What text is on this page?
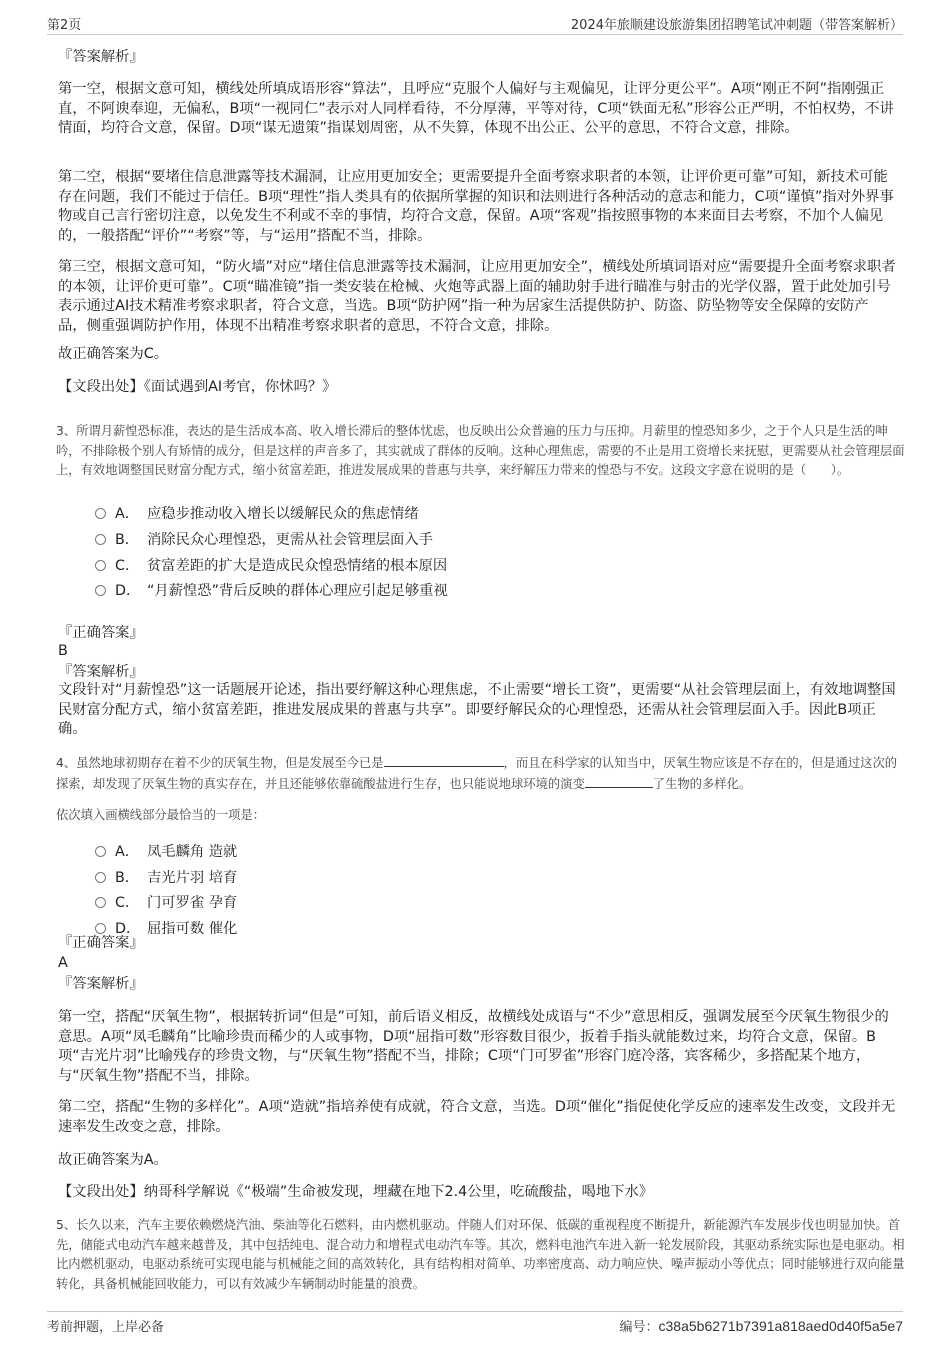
第2页	2024年旅顺建设旅游集团招聘笔试冲刺题（带答案解析）
『答案解析』

第一空，根据文意可知，横线处所填成语形容“算法”，且呼应“克服个人偏好与主观偏见，让评分更公平”。A项“刚正不阿”指刚强正直，不阿谀奉迎，无偏私，B项“一视同仁”表示对人同样看待，不分厚薄，平等对待，C项“铁面无私”形容公正严明，不怕权势，不讲情面，均符合文意，保留。D项“谋无遗策”指谋划周密，从不失算，体现不出公正、公平的意思，不符合文意，排除。

第二空，根据“要堵住信息泄露等技术漏洞，让应用更加安全；更需要提升全面考察求职者的本领，让评价更可靠”可知，新技术可能存在问题，我们不能过于信任。B项“理性”指人类具有的依据所掌握的知识和法则进行各种活动的意志和能力，C项“谨慎”指对外界事物或自己言行密切注意，以免发生不利或不幸的事情，均符合文意，保留。A项“客观”指按照事物的本来面目去考察，不加个人偏见的，一般搭配“评价”“考察”等，与“运用”搭配不当，排除。

第三空，根据文意可知，“防火墙”对应“堵住信息泄露等技术漏洞，让应用更加安全”，横线处所填词语对应“需要提升全面考察求职者的本领，让评价更可靠”。C项“瞄准镜”指一类安装在枪械、火炮等武器上面的辅助射手进行瞄准与射击的光学仪器，置于此处加引号表示通过AI技术精准考察求职者，符合文意，当选。B项“防护网”指一种为居家生活提供防护、防盗、防坠物等安全保障的安防产品，侧重强调防护作用，体现不出精准考察求职者的意思，不符合文意，排除。

故正确答案为C。
【文段出处】《面试遇到AI考官，你怵吗？》

3、所谓月薪惶恐标准，表达的是生活成本高、收入增长滞后的整体忧虑，也反映出公众普遍的压力与压抑。月薪里的惶恐知多少，之于个人只是生活的呻吟，不排除极个别人有矫情的成分，但是这样的声音多了，其实就成了群体的反响。这种心理焦虑，需要的不止是用工资增长来抚慰，更需要从社会管理层面上，有效地调整国民财富分配方式，缩小贫富差距，推进发展成果的普惠与共享，来纾解压力带来的惶恐与不安。这段文字意在说明的是（　　）。

A． 应稳步推动收入增长以缓解民众的焦虑情绪
B． 消除民众心理惶恐，更需从社会管理层面入手
C． 贫富差距的扩大是造成民众惶恐情绪的根本原因
D． “月薪惶恐”背后反映的群体心理应引起足够重视
『正确答案』
B
『答案解析』

文段针对“月薪惶恐”这一话题展开论述，指出要纾解这种心理焦虑，不止需要“增长工资”，更需要“从社会管理层面上，有效地调整国民财富分配方式，缩小贫富差距，推进发展成果的普惠与共享”。即要纾解民众的心理惶恐，还需从社会管理层面入手。因此B项正确。

4、虽然地球初期存在着不少的厌氧生物，但是发展至今已是	，而且在科学家的认知当中，厌氧生物应该是不存在的，但是通过这次的探索，却发现了厌氧生物的真实存在，并且还能够依靠硫酸盐进行生存，也只能说地球环境的演变	了生物的多样化。

依次填入画横线部分最恰当的一项是：
A． 凤毛麟角 造就
B． 吉光片羽 培育
C． 门可罗雀 孕育
D． 屈指可数 催化
『正确答案』
A
『答案解析』

第一空，搭配“厌氧生物”，根据转折词“但是”可知，前后语义相反，故横线处成语与“不少”意思相反，强调发展至今厌氧生物很少的意思。A项“凤毛麟角”比喻珍贵而稀少的人或事物，D项“屈指可数”形容数目很少，扳着手指头就能数过来，均符合文意，保留。B项“吉光片羽”比喻残存的珍贵文物，与“厌氧生物”搭配不当，排除；C项“门可罗雀”形容门庭冷落，宾客稀少，多搭配某个地方，与“厌氧生物”搭配不当，排除。

第二空，搭配“生物的多样化”。A项“造就”指培养使有成就，符合文意，当选。D项“催化”指促使化学反应的速率发生改变，文段并无速率发生改变之意，排除。

故正确答案为A。
【文段出处】纳哥科学解说《“极端”生命被发现，埋藏在地下2.4公里，吃硫酸盐，喝地下水》

5、长久以来，汽车主要依赖燃烧汽油、柴油等化石燃料，由内燃机驱动。伴随人们对环保、低碳的重视程度不断提升，新能源汽车发展步伐也明显加快。首先，储能式电动汽车越来越普及，其中包括纯电、混合动力和增程式电动汽车等。其次，燃料电池汽车进入新一轮发展阶段，其驱动系统实际也是电驱动。相比内燃机驱动，电驱动系统可实现电能与机械能之间的高效转化，具有结构相对简单、功率密度高、动力响应快、噪声振动小等优点；同时能够进行双向能量转化，具备机械能回收能力，可以有效减少车辆制动时能量的浪费。

考前押题，上岸必备	编号：c38a5b6271b7391a818aed0d40f5a5e7
